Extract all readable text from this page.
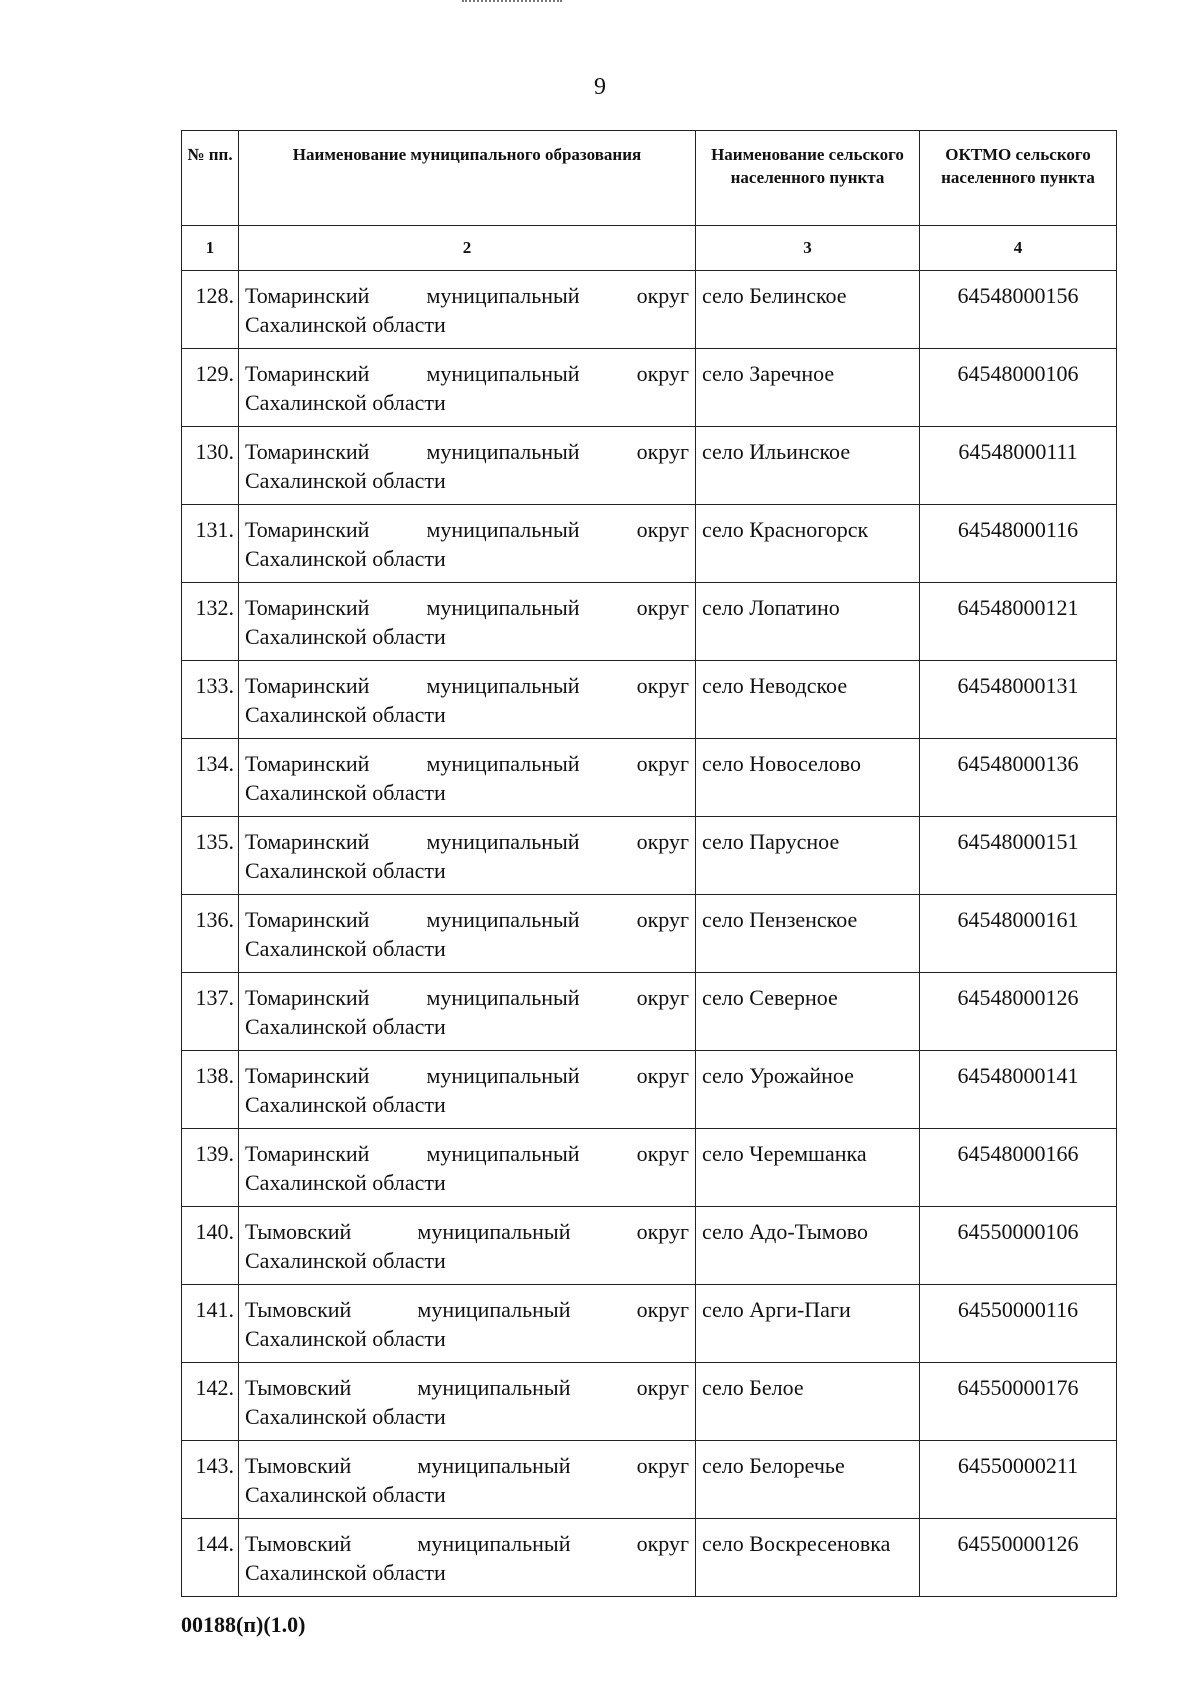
9
№ пп.	Наименование муниципального образования	Наименование сельского населенного пункта	ОКТМО сельского населенного пункта
1	2	3	4
128.	Томаринский муниципальный округ Сахалинской области	село Белинское	64548000156
129.	Томаринский муниципальный округ Сахалинской области	село Заречное	64548000106
130.	Томаринский муниципальный округ Сахалинской области	село Ильинское	64548000111
131.	Томаринский муниципальный округ Сахалинской области	село Красногорск	64548000116
132.	Томаринский муниципальный округ Сахалинской области	село Лопатино	64548000121
133.	Томаринский муниципальный округ Сахалинской области	село Неводское	64548000131
134.	Томаринский муниципальный округ Сахалинской области	село Новоселово	64548000136
135.	Томаринский муниципальный округ Сахалинской области	село Парусное	64548000151
136.	Томаринский муниципальный округ Сахалинской области	село Пензенское	64548000161
137.	Томаринский муниципальный округ Сахалинской области	село Северное	64548000126
138.	Томаринский муниципальный округ Сахалинской области	село Урожайное	64548000141
139.	Томаринский муниципальный округ Сахалинской области	село Черемшанка	64548000166
140.	Тымовский муниципальный округ Сахалинской области	село Адо-Тымово	64550000106
141.	Тымовский муниципальный округ Сахалинской области	село Арги-Паги	64550000116
142.	Тымовский муниципальный округ Сахалинской области	село Белое	64550000176
143.	Тымовский муниципальный округ Сахалинской области	село Белоречье	64550000211
144.	Тымовский муниципальный округ Сахалинской области	село Воскресеновка	64550000126
00188(п)(1.0)
